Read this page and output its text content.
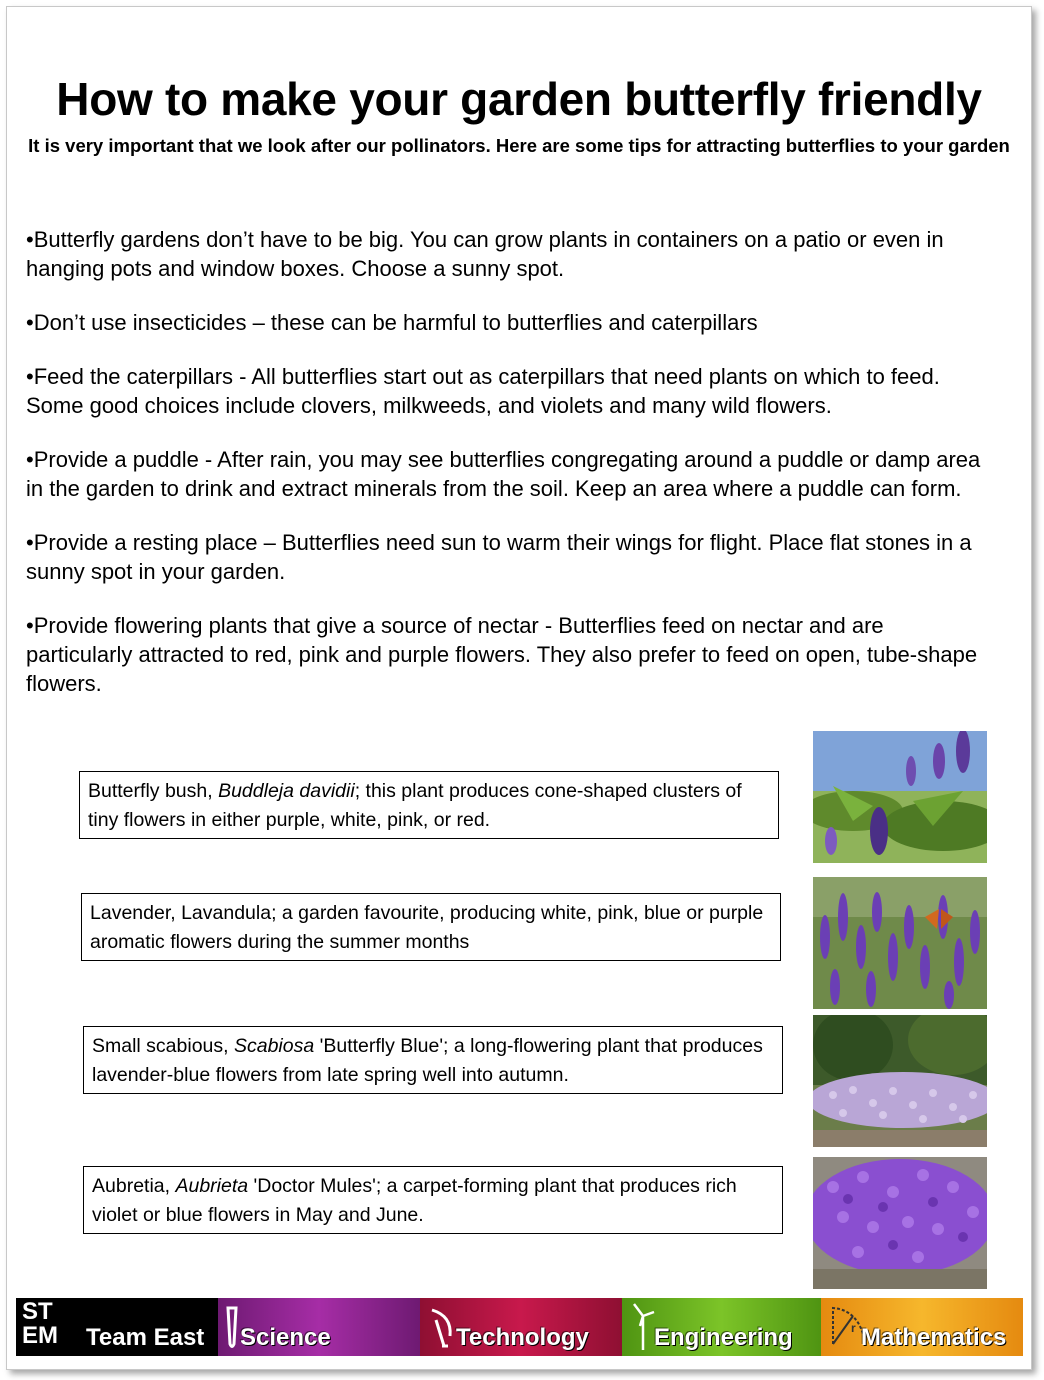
How to make your garden butterfly friendly
It is very important that we look after our pollinators. Here are some tips for attracting butterflies to your garden

•Butterfly gardens don’t have to be big. You can grow plants in containers on a patio or even in hanging pots and window boxes. Choose a sunny spot.

•Don’t use insecticides – these can be harmful to butterflies and caterpillars

•Feed the caterpillars - All butterflies start out as caterpillars that need plants on which to feed. Some good choices include clovers, milkweeds, and violets and many wild flowers.

•Provide a puddle - After rain, you may see butterflies congregating around a puddle or damp area in the garden to drink and extract minerals from the soil. Keep an area where a puddle can form.

•Provide a resting place – Butterflies need sun to warm their wings for flight. Place flat stones in a sunny spot in your garden.

•Provide flowering plants that give a source of nectar - Butterflies feed on nectar and are particularly attracted to red, pink and purple flowers. They also prefer to feed on open, tube-shape flowers.

Butterfly bush, Buddleja davidii; this plant produces cone-shaped clusters of tiny flowers in either purple, white, pink, or red.
Lavender, Lavandula; a garden favourite, producing white, pink, blue or purple aromatic flowers during the summer months
Small scabious, Scabiosa 'Butterfly Blue'; a long-flowering plant that produces lavender-blue flowers from late spring well into autumn.
Aubretia, Aubrieta 'Doctor Mules'; a carpet-forming plant that produces rich violet or blue flowers in May and June.
ST
EM Team East Science	Technology	Engineering	r Mathematics
